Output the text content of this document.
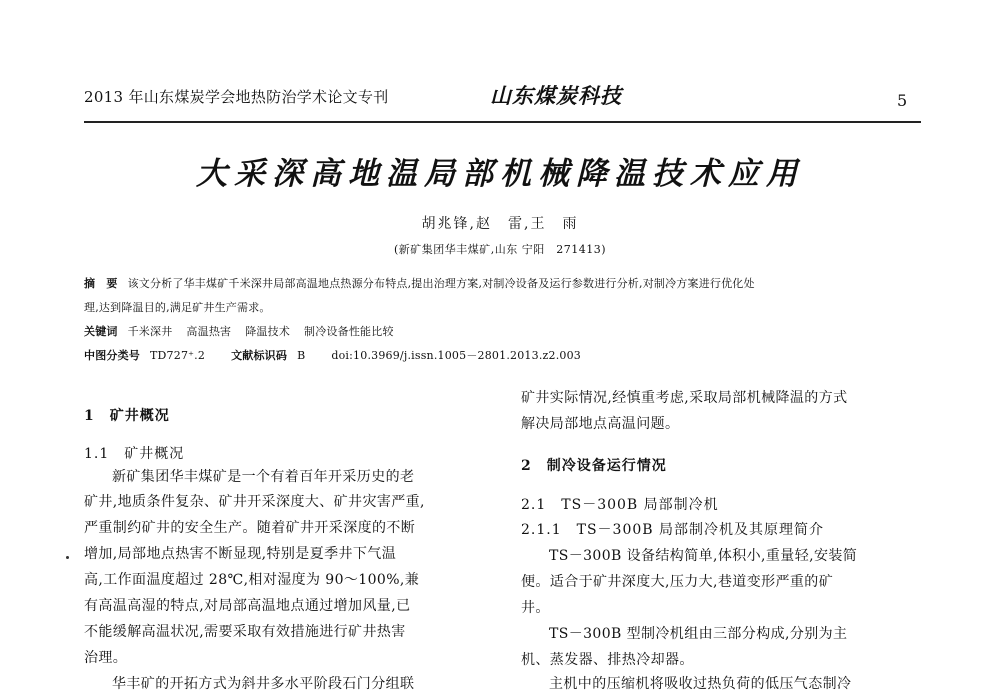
2013 年山东煤炭学会地热防治学术论文专刊	山东煤炭科技	5
大采深高地温局部机械降温技术应用
胡兆锋,赵　雷,王　雨
(新矿集团华丰煤矿,山东 宁阳　271413)
摘　要 该文分析了华丰煤矿千米深井局部高温地点热源分布特点,提出治理方案,对制冷设备及运行参数进行分析,对制冷方案进行优化处
理,达到降温目的,满足矿井生产需求。
关键词 千米深井 高温热害 降温技术 制冷设备性能比较
中图分类号 TD727⁺.2 文献标识码 B doi:10.3969/j.issn.1005－2801.2013.z2.003
1　矿井概况
1.1　矿井概况
新矿集团华丰煤矿是一个有着百年开采历史的老
矿井,地质条件复杂、矿井开采深度大、矿井灾害严重,
严重制约矿井的安全生产。随着矿井开采深度的不断
增加,局部地点热害不断显现,特别是夏季井下气温
高,工作面温度超过 28℃,相对湿度为 90～100%,兼
有高温高湿的特点,对局部高温地点通过增加风量,已
不能缓解高温状况,需要采取有效措施进行矿井热害
治理。
华丰矿的开拓方式为斜井多水平阶段石门分组联
矿井实际情况,经慎重考虑,采取局部机械降温的方式
解决局部地点高温问题。
2　制冷设备运行情况
2.1　TS－300B 局部制冷机
2.1.1　TS－300B 局部制冷机及其原理简介
TS－300B 设备结构简单,体积小,重量轻,安装简
便。适合于矿井深度大,压力大,巷道变形严重的矿
井。
TS－300B 型制冷机组由三部分构成,分别为主
机、蒸发器、排热冷却器。
主机中的压缩机将吸收过热负荷的低压气态制冷
